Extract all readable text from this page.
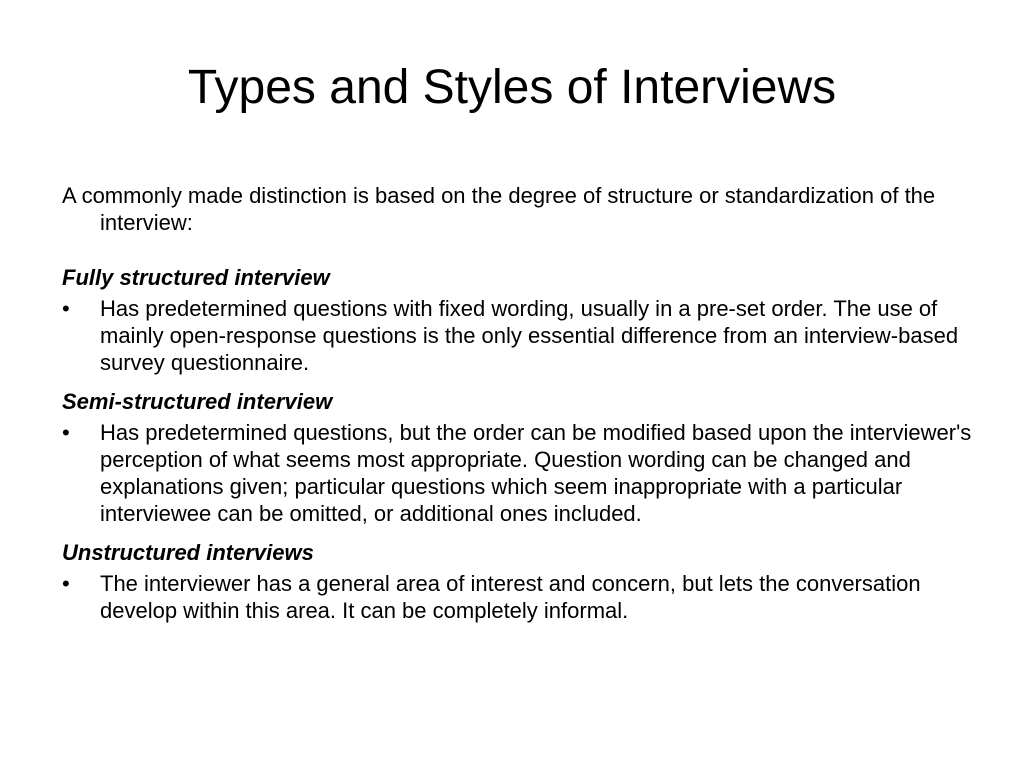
Types and Styles of Interviews

A commonly made distinction is based on the degree of structure or standardization of the interview:

Fully structured interview
•	Has predetermined questions with fixed wording, usually in a pre-set order. The use of mainly open-response questions is the only essential difference from an interview-based survey questionnaire.
Semi-structured interview
•	Has predetermined questions, but the order can be modified based upon the interviewer's perception of what seems most appropriate. Question wording can be changed and explanations given; particular questions which seem inappropriate with a particular interviewee can be omitted, or additional ones included.
Unstructured interviews
•	The interviewer has a general area of interest and concern, but lets the conversation develop within this area. It can be completely informal.
